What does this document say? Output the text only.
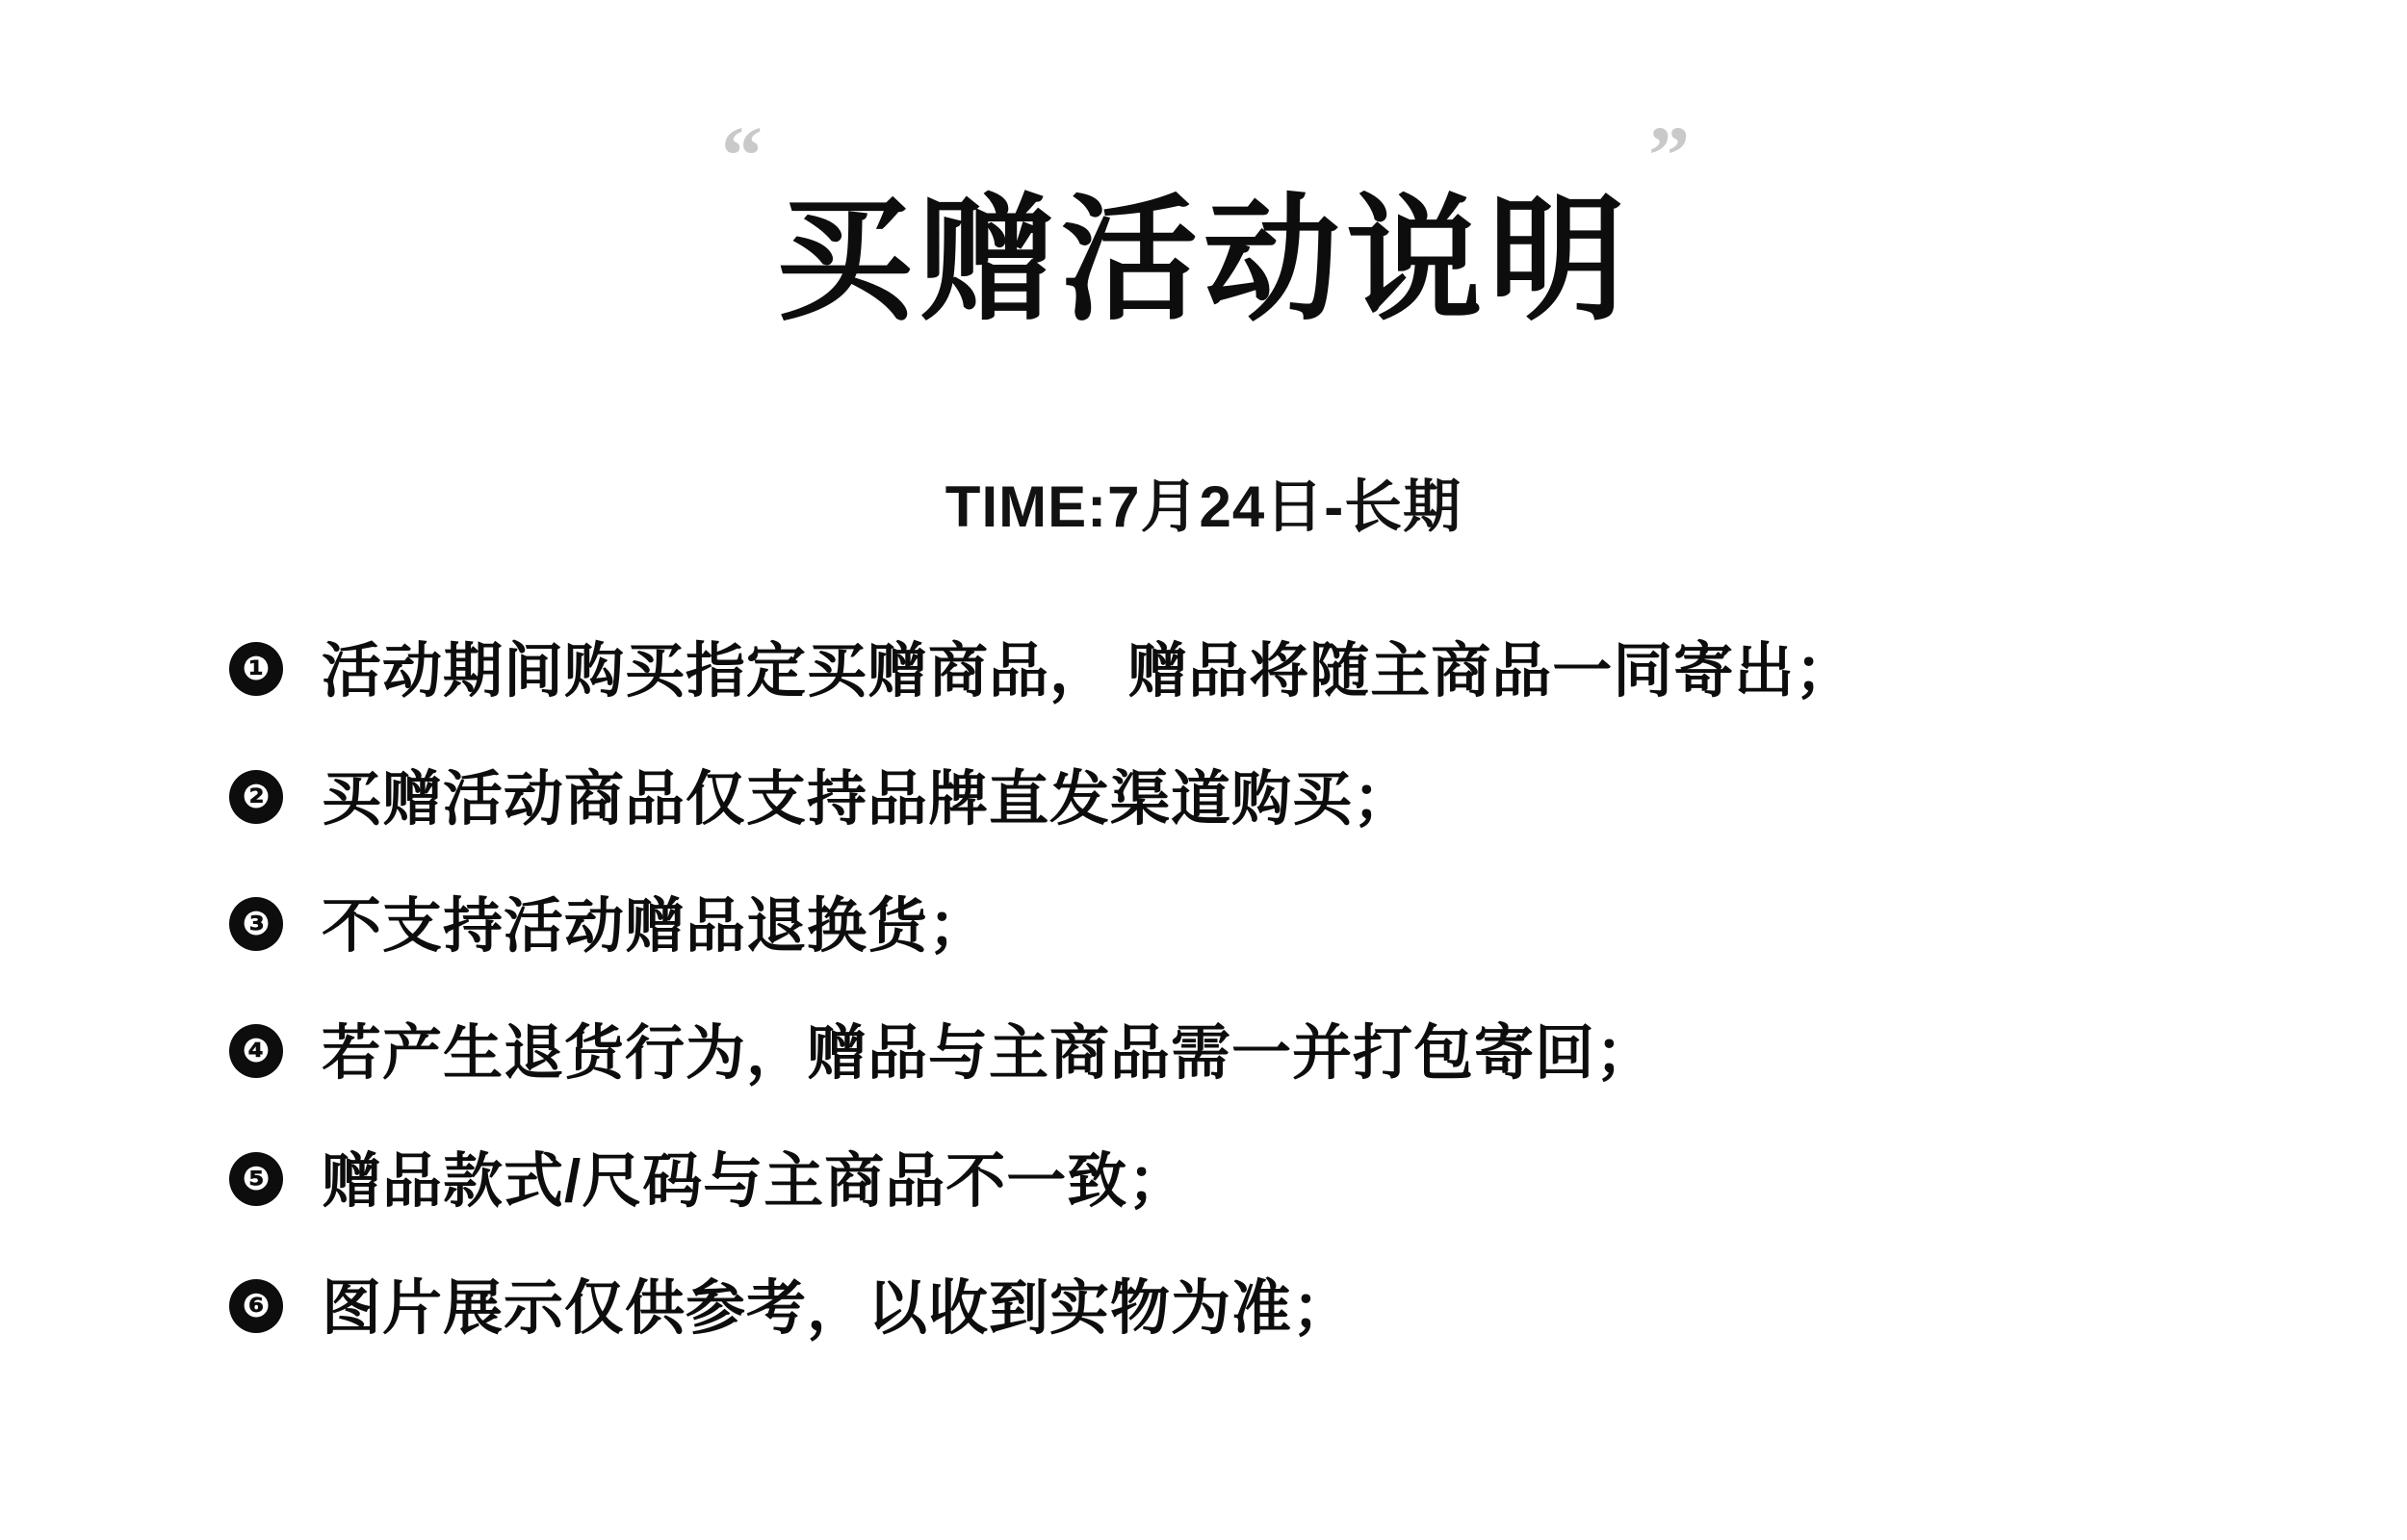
“
买赠活动说明
”
TIME:7月24日-长期
❶ 活动期间购买指定买赠商品， 赠品将随主商品一同寄出；
❷ 买赠活动商品仅支持品牌直发渠道购买；
❸ 不支持活动赠品退换货；
❹ 若产生退货行为，赠品与主商品需一并打包寄回；
❺ 赠品款式/尺码与主商品不一致；
❻ 图片展示仅供参考，以收到实物为准；
